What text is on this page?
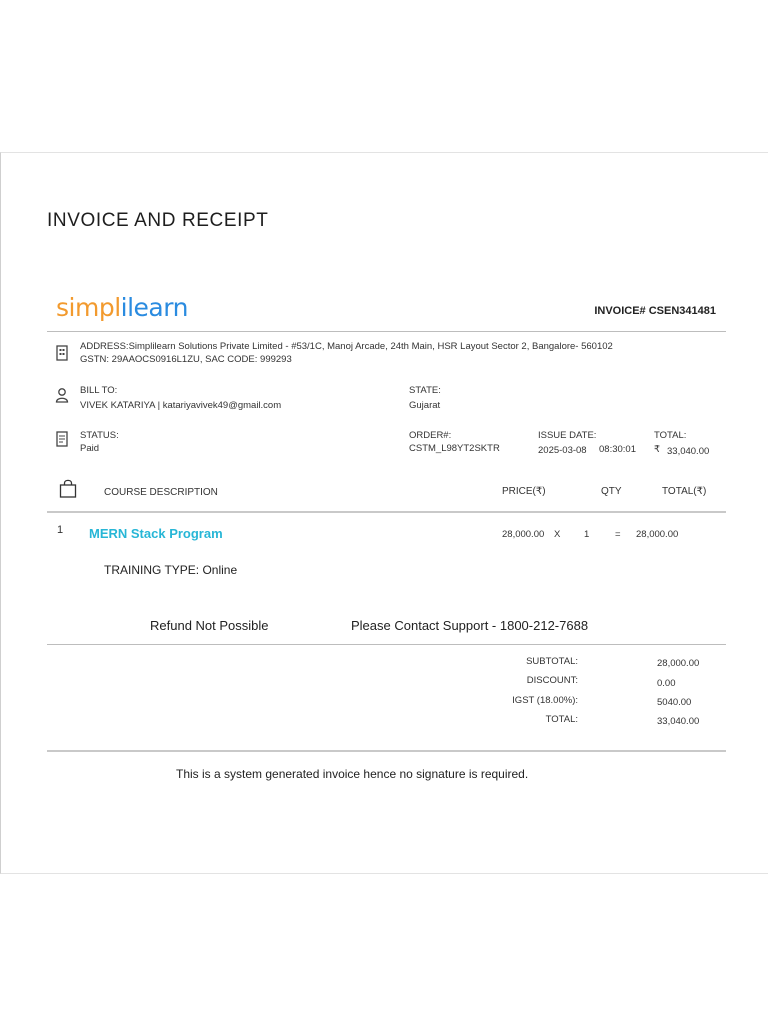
INVOICE AND RECEIPT
simplilearn	INVOICE# CSEN341481
ADDRESS:Simplilearn Solutions Private Limited - #53/1C, Manoj Arcade, 24th Main, HSR Layout Sector 2, Bangalore- 560102
GSTN: 29AAOCS0916L1ZU, SAC CODE: 999293
BILL TO:
VIVEK KATARIYA | katariyavivek49@gmail.com
STATE:
Gujarat
STATUS:
Paid
ORDER#:
CSTM_L98YT2SKTR
ISSUE DATE:
2025-03-08 08:30:01
TOTAL:
₹ 33,040.00
COURSE DESCRIPTION	PRICE(₹)	QTY	TOTAL(₹)
1 MERN Stack Program	28,000.00 X 1	= 28,000.00
TRAINING TYPE: Online
Refund Not Possible	Please Contact Support - 1800-212-7688
SUBTOTAL:	28,000.00
DISCOUNT:	0.00
IGST (18.00%):	5040.00
TOTAL:	33,040.00
This is a system generated invoice hence no signature is required.
